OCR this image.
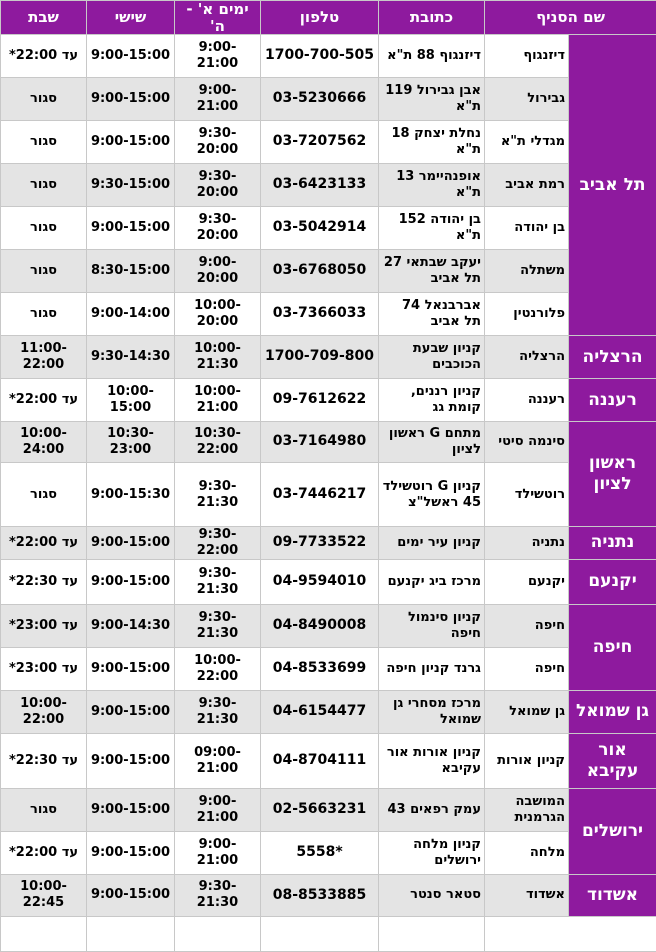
שם הסניף		כתובת	טלפון	ימים א' - ה'	שישי	שבת	
תל אביב	דיזנגוף	דיזנגוף 88 ת"א	1700-700-505	9:00-21:00	9:00-15:00	עד 22:00*	
	גבירול	אבן גבירול 119 ת"א	03-5230666	9:00-21:00	9:00-15:00	סגור	
	מגדלי ת"א	נחלת יצחק 18 ת"א	03-7207562	9:30-20:00	9:00-15:00	סגור	
	רמת אביב	אופנהיימר 13 ת"א	03-6423133	9:30-20:00	9:30-15:00	סגור	
	בן יהודה	בן יהודה 152 ת"א	03-5042914	9:30-20:00	9:00-15:00	סגור	
	משתלה	יעקב שבתאי 27 תל אביב	03-6768050	9:00-20:00	8:30-15:00	סגור	
	פלורנטין	אברבנאל 74 תל אביב	03-7366033	10:00-20:00	9:00-14:00	סגור	
הרצליה	הרצליה	קניון שבעת הכוכבים	1700-709-800	10:00-21:30	9:30-14:30	11:00-22:00	
רעננה	רעננה	קניון רננים, קומת גג	09-7612622	10:00-21:00	10:00-15:00	עד 22:00*	
ראשון לציון	סינמה סיטי	מתחם G ראשון לציון	03-7164980	10:30-22:00	10:30-23:00	10:00-24:00	
	רוטשילד	קניון G רוטשילד 45 ראשל"צ	03-7446217	9:30-21:30	9:00-15:30	סגור	
נתניה	נתניה	קניון עיר ימים	09-7733522	9:30-22:00	9:00-15:00	עד 22:00*	
יקנעם	יקנעם	מרכז ביג יקנעם	04-9594010	9:30-21:30	9:00-15:00	עד 22:30*	
חיפה	חיפה	קניון סינמול חיפה	04-8490008	9:30-21:30	9:00-14:30	עד 23:00*	
	חיפה	גרנד קניון חיפה	04-8533699	10:00-22:00	9:00-15:00	עד 23:00*	
גן שמואל	גן שמואל	מרכז מסחרי גן שמואל	04-6154477	9:30-21:30	9:00-15:00	10:00-22:00	
אור עקיבא	קניון אורות	קניון אורות אור עקיבא	04-8704111	09:00-21:00	9:00-15:00	עד 22:30*	
ירושלים	המושבה הגרמנית	עמק רפאים 43	02-5663231	9:00-21:00	9:00-15:00	סגור	
	מלחה	קניון מלחה ירושלים	*5558	9:00-21:00	9:00-15:00	עד 22:00*	
אשדוד	אשדוד	סטאר סנטר	08-8533885	9:30-21:30	9:00-15:00	10:00-22:45	
